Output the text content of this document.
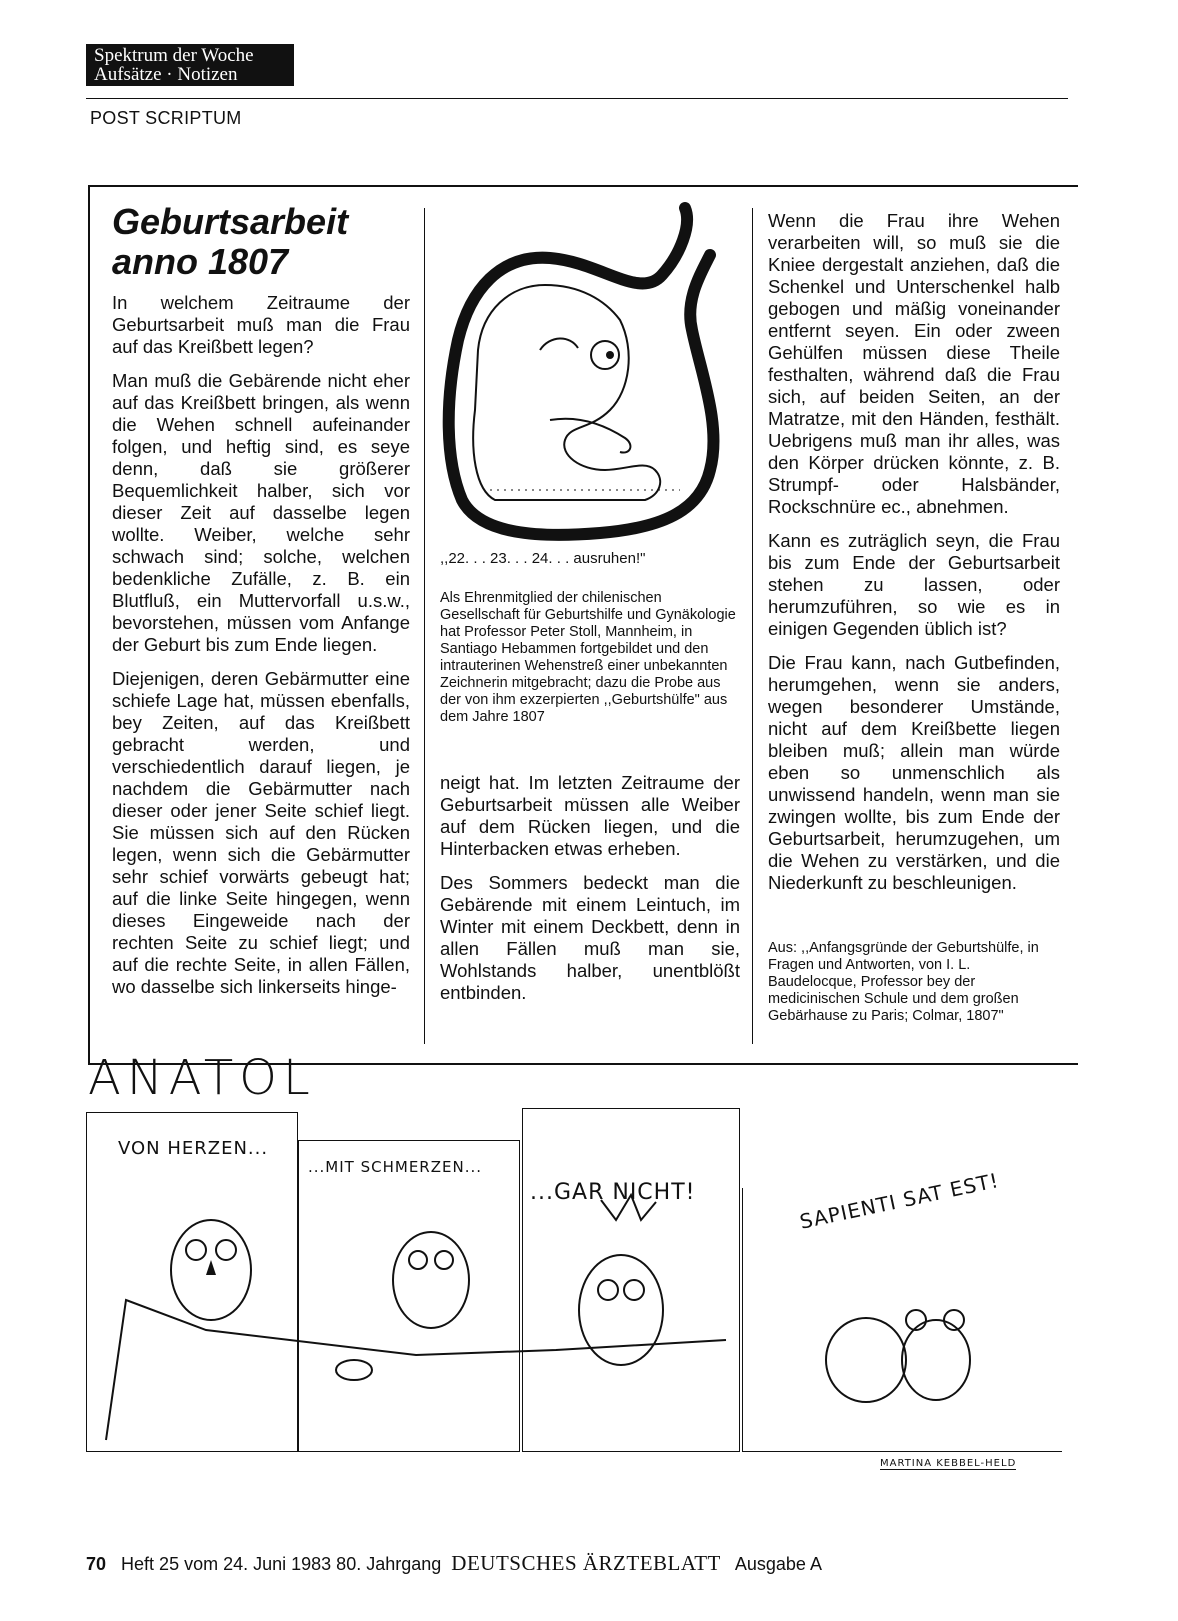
Spektrum der Woche
Aufsätze · Notizen
POST SCRIPTUM
Geburtsarbeit
anno 1807

In welchem Zeitraume der Geburtsarbeit muß man die Frau auf das Kreißbett legen?

Man muß die Gebärende nicht eher auf das Kreißbett bringen, als wenn die Wehen schnell aufeinander folgen, und heftig sind, es seye denn, daß sie größerer Bequemlichkeit halber, sich vor dieser Zeit auf dasselbe legen wollte. Weiber, welche sehr schwach sind; solche, welchen bedenkliche Zufälle, z. B. ein Blutfluß, ein Muttervorfall u.s.w., bevorstehen, müssen vom Anfange der Geburt bis zum Ende liegen.

Diejenigen, deren Gebärmutter eine schiefe Lage hat, müssen ebenfalls, bey Zeiten, auf das Kreißbett gebracht werden, und verschiedentlich darauf liegen, je nachdem die Gebärmutter nach dieser oder jener Seite schief liegt. Sie müssen sich auf den Rücken legen, wenn sich die Gebärmutter sehr schief vorwärts gebeugt hat; auf die linke Seite hingegen, wenn dieses Eingeweide nach der rechten Seite zu schief liegt; und auf die rechte Seite, in allen Fällen, wo dasselbe sich linkerseits hinge-

,,22. . . 23. . . 24. . . ausruhen!"
Als Ehrenmitglied der chilenischen Gesellschaft für Geburtshilfe und Gynäkologie hat Professor Peter Stoll, Mannheim, in Santiago Hebammen fortgebildet und den intrauterinen Wehenstreß einer unbekannten Zeichnerin mitgebracht; dazu die Probe aus der von ihm exzerpierten ,,Geburtshülfe" aus dem Jahre 1807

neigt hat. Im letzten Zeitraume der Geburtsarbeit müssen alle Weiber auf dem Rücken liegen, und die Hinterbacken etwas erheben.

Des Sommers bedeckt man die Gebärende mit einem Leintuch, im Winter mit einem Deckbett, denn in allen Fällen muß man sie, Wohlstands halber, unentblößt entbinden.

Wenn die Frau ihre Wehen verarbeiten will, so muß sie die Kniee dergestalt anziehen, daß die Schenkel und Unterschenkel halb gebogen und mäßig voneinander entfernt seyen. Ein oder zween Gehülfen müssen diese Theile festhalten, während daß die Frau sich, auf beiden Seiten, an der Matratze, mit den Händen, festhält. Uebrigens muß man ihr alles, was den Körper drücken könnte, z. B. Strumpf- oder Halsbänder, Rockschnüre ec., abnehmen.

Kann es zuträglich seyn, die Frau bis zum Ende der Geburtsarbeit stehen zu lassen, oder herumzuführen, so wie es in einigen Gegenden üblich ist?

Die Frau kann, nach Gutbefinden, herumgehen, wenn sie anders, wegen besonderer Umstände, nicht auf dem Kreißbette liegen bleiben muß; allein man würde eben so unmenschlich als unwissend handeln, wenn man sie zwingen wollte, bis zum Ende der Geburtsarbeit, herumzugehen, um die Wehen zu verstärken, und die Niederkunft zu beschleunigen.

Aus: ,,Anfangsgründe der Geburtshülfe, in Fragen und Antworten, von I. L. Baudelocque, Professor bey der medicinischen Schule und dem großen Gebärhause zu Paris; Colmar, 1807"
ANATOL
VON HERZEN...
...MIT SCHMERZEN...
...GAR NICHT!	SAPIENTI SAT EST!
MARTINA KEBBEL-HELD
70 Heft 25 vom 24. Juni 1983 80. Jahrgang DEUTSCHES ÄRZTEBLATT Ausgabe A
